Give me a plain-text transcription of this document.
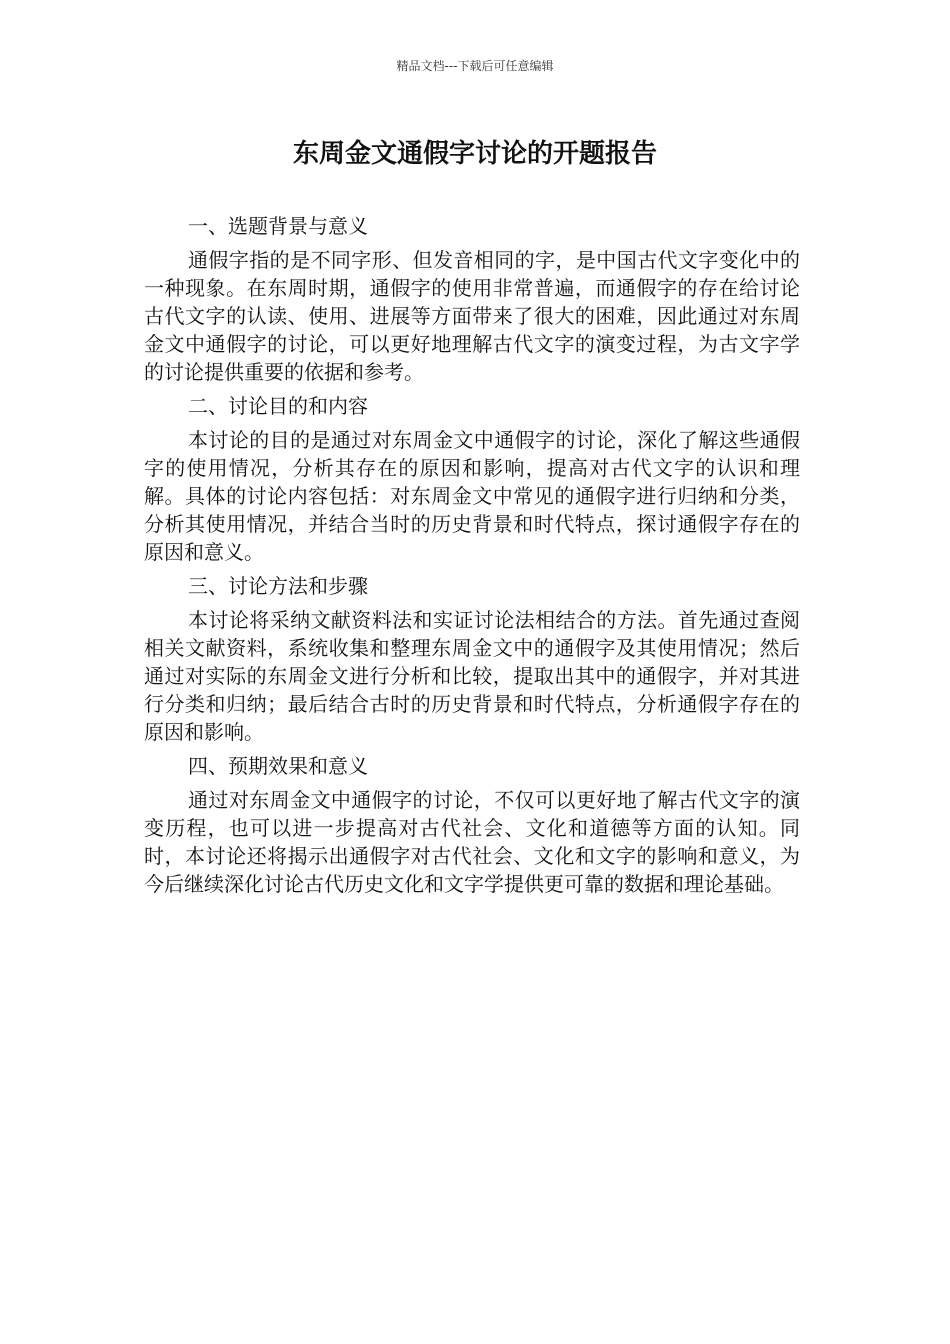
精品文档---下载后可任意编辑
东周金文通假字讨论的开题报告

一、选题背景与意义

通假字指的是不同字形、但发音相同的字，是中国古代文字变化中的一种现象。在东周时期，通假字的使用非常普遍，而通假字的存在给讨论古代文字的认读、使用、进展等方面带来了很大的困难，因此通过对东周金文中通假字的讨论，可以更好地理解古代文字的演变过程，为古文字学的讨论提供重要的依据和参考。

二、讨论目的和内容

本讨论的目的是通过对东周金文中通假字的讨论，深化了解这些通假字的使用情况，分析其存在的原因和影响，提高对古代文字的认识和理解。具体的讨论内容包括：对东周金文中常见的通假字进行归纳和分类，分析其使用情况，并结合当时的历史背景和时代特点，探讨通假字存在的原因和意义。

三、讨论方法和步骤

本讨论将采纳文献资料法和实证讨论法相结合的方法。首先通过查阅相关文献资料，系统收集和整理东周金文中的通假字及其使用情况；然后通过对实际的东周金文进行分析和比较，提取出其中的通假字，并对其进行分类和归纳；最后结合古时的历史背景和时代特点，分析通假字存在的原因和影响。

四、预期效果和意义

通过对东周金文中通假字的讨论，不仅可以更好地了解古代文字的演变历程，也可以进一步提高对古代社会、文化和道德等方面的认知。同时，本讨论还将揭示出通假字对古代社会、文化和文字的影响和意义，为今后继续深化讨论古代历史文化和文字学提供更可靠的数据和理论基础。
